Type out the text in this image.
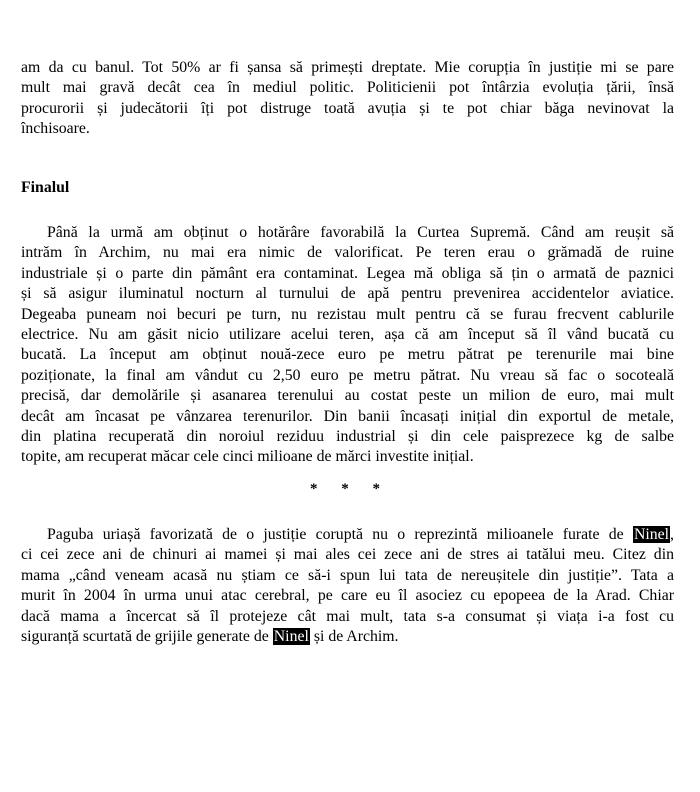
am da cu banul. Tot 50% ar fi șansa să primești dreptate. Mie corupția în justiție mi se pare
mult mai gravă decât cea în mediul politic. Politicienii pot întârzia evoluția țării, însă
procurorii și judecătorii îți pot distruge toată avuția și te pot chiar băga nevinovat la
închisoare.
Finalul
Până la urmă am obținut o hotărâre favorabilă la Curtea Supremă. Când am reușit să
intrăm în Archim, nu mai era nimic de valorificat. Pe teren erau o grămadă de ruine
industriale și o parte din pământ era contaminat. Legea mă obliga să țin o armată de paznici
și să asigur iluminatul nocturn al turnului de apă pentru prevenirea accidentelor aviatice.
Degeaba puneam noi becuri pe turn, nu rezistau mult pentru că se furau frecvent cablurile
electrice. Nu am găsit nicio utilizare acelui teren, așa că am început să îl vând bucată cu
bucată. La început am obținut nouă-zece euro pe metru pătrat pe terenurile mai bine
poziționate, la final am vândut cu 2,50 euro pe metru pătrat. Nu vreau să fac o socoteală
precisă, dar demolările și asanarea terenului au costat peste un milion de euro, mai mult
decât am încasat pe vânzarea terenurilor. Din banii încasați inițial din exportul de metale,
din platina recuperată din noroiul reziduu industrial și din cele paisprezece kg de salbe
topite, am recuperat măcar cele cinci milioane de mărci investite inițial.
* * *
Paguba uriașă favorizată de o justiție coruptă nu o reprezintă milioanele furate de Ninel,
ci cei zece ani de chinuri ai mamei și mai ales cei zece ani de stres ai tatălui meu. Citez din
mama „când veneam acasă nu știam ce să-i spun lui tata de nereușitele din justiție”. Tata a
murit în 2004 în urma unui atac cerebral, pe care eu îl asociez cu epopeea de la Arad. Chiar
dacă mama a încercat să îl protejeze cât mai mult, tata s-a consumat și viața i-a fost cu
siguranță scurtată de grijile generate de Ninel și de Archim.
